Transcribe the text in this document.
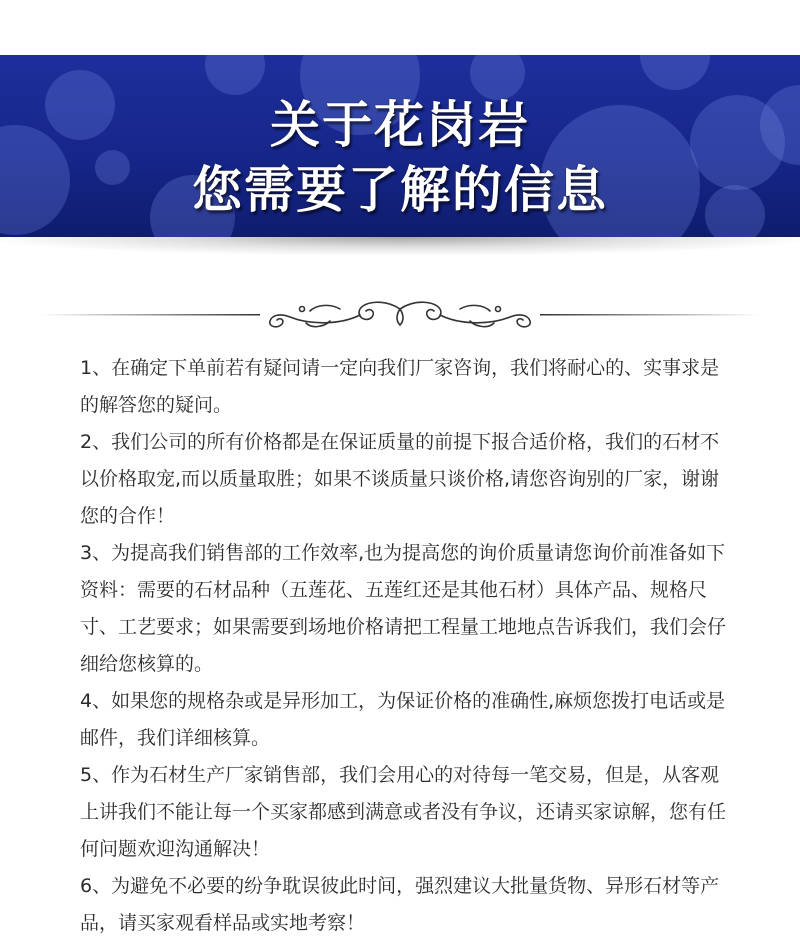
关于花岗岩
您需要了解的信息

1、在确定下单前若有疑问请一定向我们厂家咨询，我们将耐心的、实事求是的解答您的疑问。

2、我们公司的所有价格都是在保证质量的前提下报合适价格，我们的石材不以价格取宠,而以质量取胜；如果不谈质量只谈价格,请您咨询别的厂家，谢谢您的合作！

3、为提高我们销售部的工作效率,也为提高您的询价质量请您询价前准备如下资料：需要的石材品种（五莲花、五莲红还是其他石材）具体产品、规格尺寸、工艺要求；如果需要到场地价格请把工程量工地地点告诉我们，我们会仔细给您核算的。

4、如果您的规格杂或是异形加工，为保证价格的准确性,麻烦您拨打电话或是邮件，我们详细核算。

5、作为石材生产厂家销售部，我们会用心的对待每一笔交易，但是，从客观上讲我们不能让每一个买家都感到满意或者没有争议，还请买家谅解，您有任何问题欢迎沟通解决！

6、为避免不必要的纷争耽误彼此时间，强烈建议大批量货物、异形石材等产品，请买家观看样品或实地考察！
